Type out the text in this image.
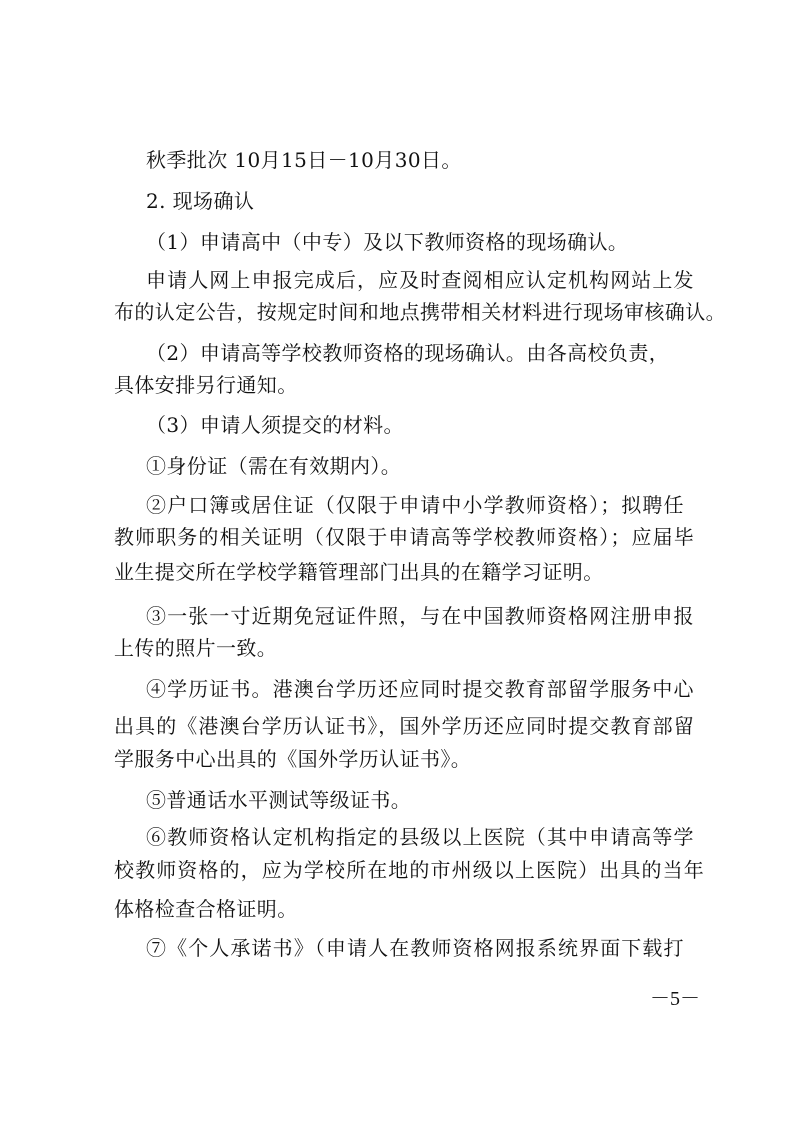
秋季批次 10月15日－10月30日。
2. 现场确认
（1）申请高中（中专）及以下教师资格的现场确认。
申请人网上申报完成后，应及时查阅相应认定机构网站上发
布的认定公告，按规定时间和地点携带相关材料进行现场审核确认。
（2）申请高等学校教师资格的现场确认。由各高校负责，
具体安排另行通知。
（3）申请人须提交的材料。
①身份证（需在有效期内）。
②户口簿或居住证（仅限于申请中小学教师资格）；拟聘任
教师职务的相关证明（仅限于申请高等学校教师资格）；应届毕
业生提交所在学校学籍管理部门出具的在籍学习证明。
③一张一寸近期免冠证件照，与在中国教师资格网注册申报
上传的照片一致。
④学历证书。港澳台学历还应同时提交教育部留学服务中心
出具的《港澳台学历认证书》，国外学历还应同时提交教育部留
学服务中心出具的《国外学历认证书》。
⑤普通话水平测试等级证书。
⑥教师资格认定机构指定的县级以上医院（其中申请高等学
校教师资格的，应为学校所在地的市州级以上医院）出具的当年
体格检查合格证明。
⑦《个人承诺书》（申请人在教师资格网报系统界面下载打
－5－
